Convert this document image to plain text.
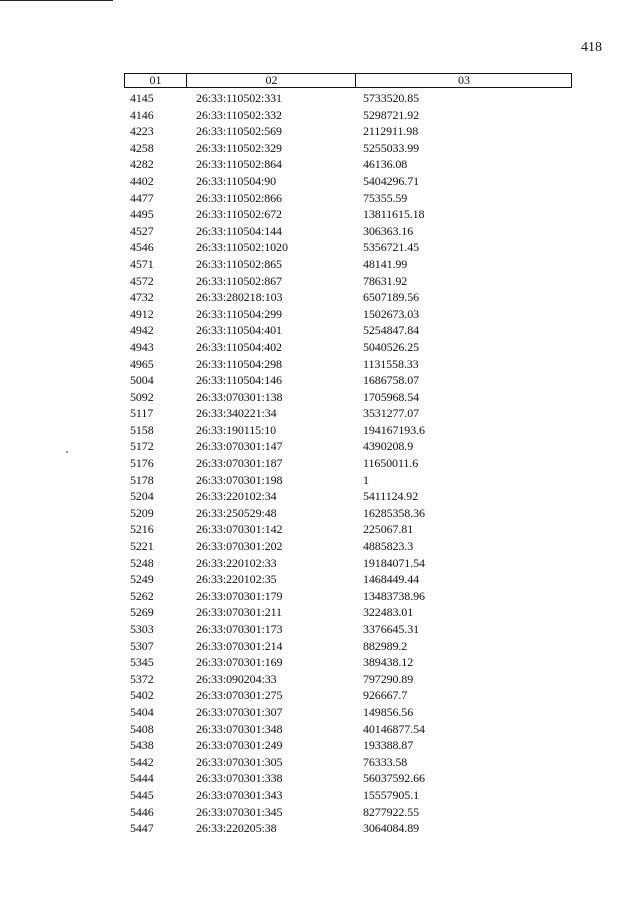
418
01	02	03
4145	26:33:110502:331	5733520.85
4146	26:33:110502:332	5298721.92
4223	26:33:110502:569	2112911.98
4258	26:33:110502:329	5255033.99
4282	26:33:110502:864	46136.08
4402	26:33:110504:90	5404296.71
4477	26:33:110502:866	75355.59
4495	26:33:110502:672	13811615.18
4527	26:33:110504:144	306363.16
4546	26:33:110502:1020	5356721.45
4571	26:33:110502:865	48141.99
4572	26:33:110502:867	78631.92
4732	26:33:280218:103	6507189.56
4912	26:33:110504:299	1502673.03
4942	26:33:110504:401	5254847.84
4943	26:33:110504:402	5040526.25
4965	26:33:110504:298	1131558.33
5004	26:33:110504:146	1686758.07
5092	26:33:070301:138	1705968.54
5117	26:33:340221:34	3531277.07
5158	26:33:190115:10	194167193.6
5172	26:33:070301:147	4390208.9
5176	26:33:070301:187	11650011.6
5178	26:33:070301:198	1
5204	26:33:220102:34	5411124.92
5209	26:33:250529:48	16285358.36
5216	26:33:070301:142	225067.81
5221	26:33:070301:202	4885823.3
5248	26:33:220102:33	19184071.54
5249	26:33:220102:35	1468449.44
5262	26:33:070301:179	13483738.96
5269	26:33:070301:211	322483.01
5303	26:33:070301:173	3376645.31
5307	26:33:070301:214	882989.2
5345	26:33:070301:169	389438.12
5372	26:33:090204:33	797290.89
5402	26:33:070301:275	926667.7
5404	26:33:070301:307	149856.56
5408	26:33:070301:348	40146877.54
5438	26:33:070301:249	193388.87
5442	26:33:070301:305	76333.58
5444	26:33:070301:338	56037592.66
5445	26:33:070301:343	15557905.1
5446	26:33:070301:345	8277922.55
5447	26:33:220205:38	3064084.89
